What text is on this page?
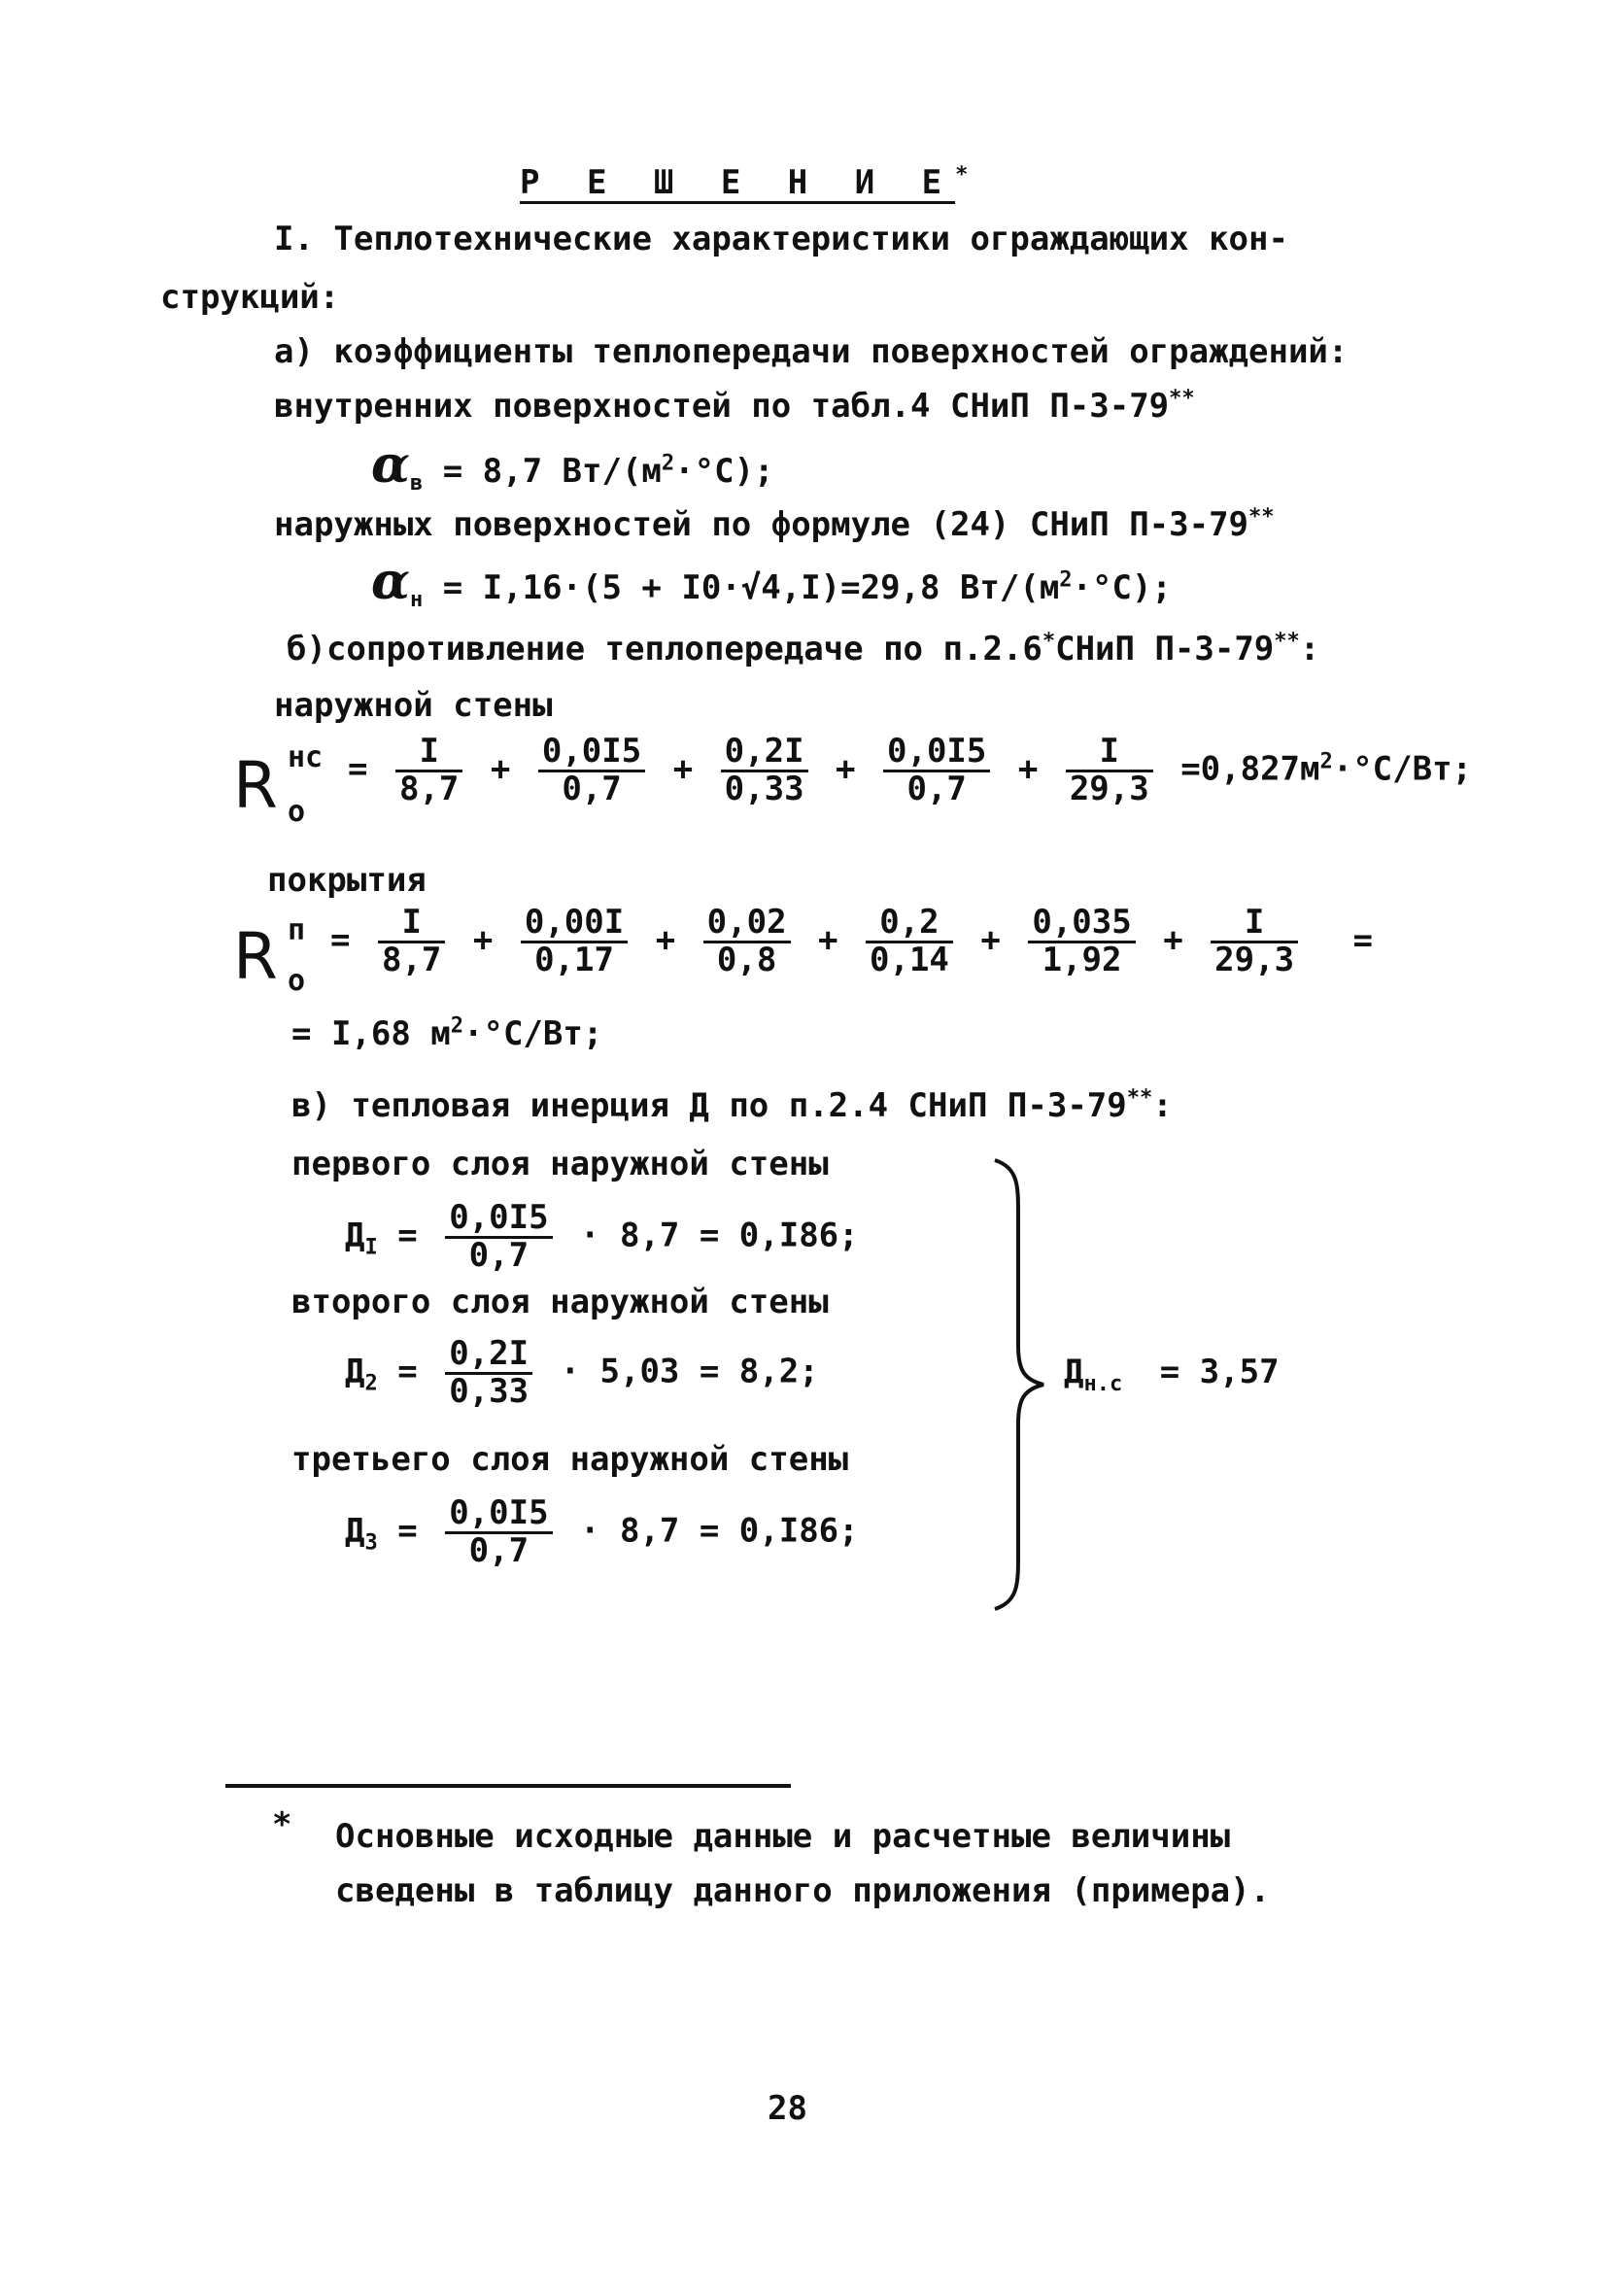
Р Е Ш Е Н И Е*
I. Теплотехнические характеристики ограждающих кон-
струкций:
а) коэффициенты теплопередачи поверхностей ограждений:
внутренних поверхностей по табл.4 СНиП П-3-79**
$\alpha_в = 8,7$ $Вт/(м^2\cdot^\circ С)$;
наружных поверхностей по формуле (24) СНиП П-3-79**
$\alpha_н = I,16\cdot(5 + I0\cdot√4,I)=29,8$ $Вт/(м^2\cdot^\circ С)$;
б)сопротивление теплопередаче по п.2.6*СНиП П-3-79**:
наружной стены
R нс
о
= $\frac{I}{8,7} + \frac{0,0I5}{0,7} + \frac{0,2I}{0,33} + \frac{0,0I5}{0,7} + \frac{I}{29,3} =0,827м^2\cdot^\circ С/Вт$;
покрытия
R п
о
= $\frac{I}{8,7} + \frac{0,00I}{0,17} + \frac{0,02}{0,8} + \frac{0,2}{0,14} + \frac{0,035}{1,92} + \frac{I}{29,3}$ =
= I,68 $м^2\cdot^\circ С/Вт$;
в) тепловая инерция Д по п.2.4 СНиП П-3-79**:
первого слоя наружной стены
$Д_I = \frac{0,0I5}{0,7} \cdot 8,7 = 0,I86$;
второго слоя наружной стены
$Д_2 = \frac{0,2I}{0,33} \cdot 5,03 = 8,2$;
третьего слоя наружной стены
$Д_3 = \frac{0,0I5}{0,7} \cdot 8,7 = 0,I86$;
$Д_{н.с} = 3,57$
* Основные исходные данные и расчетные величины
сведены в таблицу данного приложения (примера).
28
